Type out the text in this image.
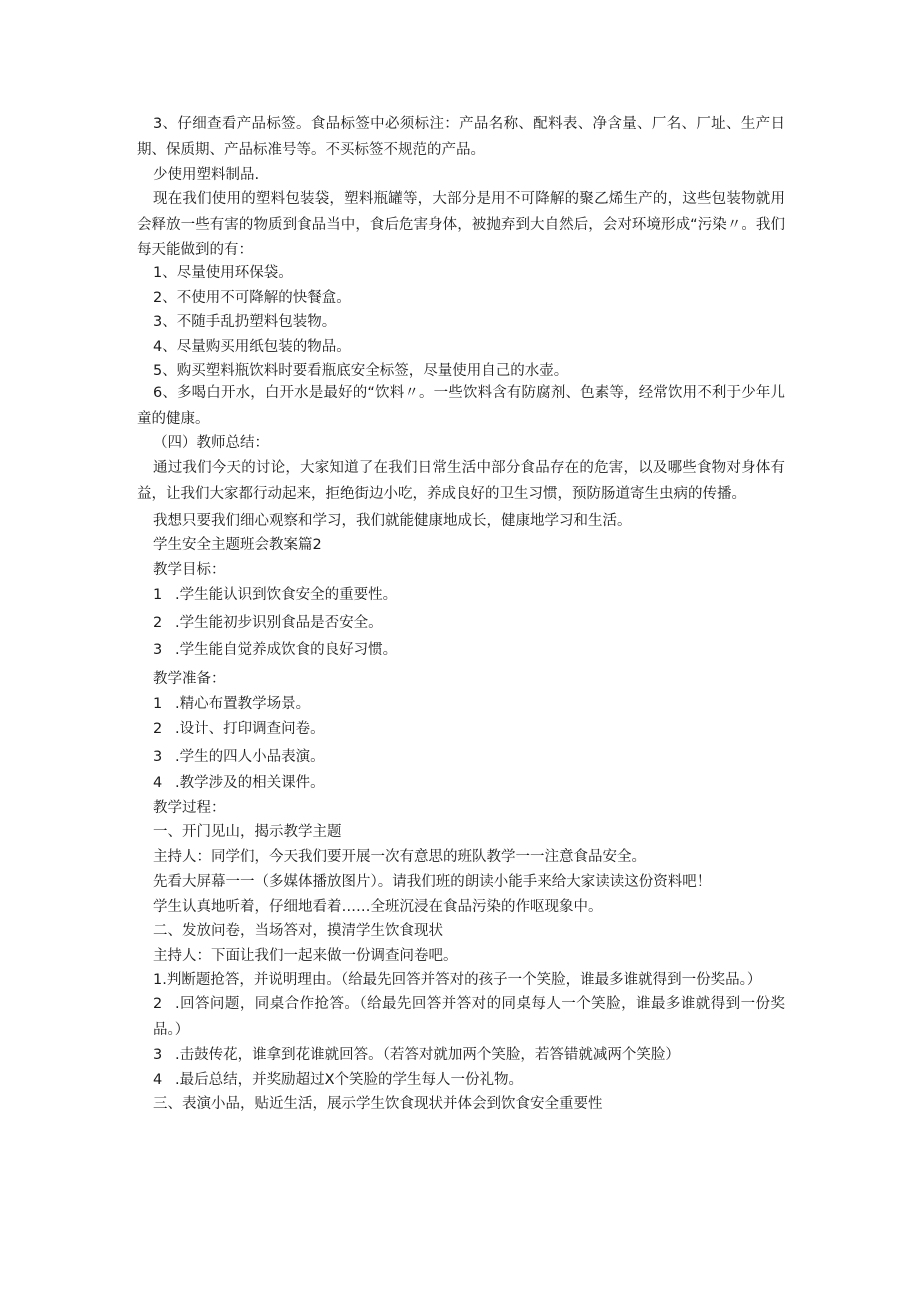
3、仔细查看产品标签。食品标签中必须标注：产品名称、配料表、净含量、厂名、厂址、生产日期、保质期、产品标准号等。不买标签不规范的产品。

少使用塑料制品.

现在我们使用的塑料包装袋，塑料瓶罐等，大部分是用不可降解的聚乙烯生产的，这些包装物就用会释放一些有害的物质到食品当中，食后危害身体，被抛弃到大自然后，会对环境形成“污染〃。我们每天能做到的有：

1、尽量使用环保袋。

2、不使用不可降解的快餐盒。

3、不随手乱扔塑料包装物。

4、尽量购买用纸包装的物品。

5、购买塑料瓶饮料时要看瓶底安全标签，尽量使用自己的水壶。

6、多喝白开水，白开水是最好的“饮料〃。一些饮料含有防腐剂、色素等，经常饮用不利于少年儿童的健康。

（四）教师总结：

通过我们今天的讨论，大家知道了在我们日常生活中部分食品存在的危害，以及哪些食物对身体有益，让我们大家都行动起来，拒绝街边小吃，养成良好的卫生习惯，预防肠道寄生虫病的传播。

我想只要我们细心观察和学习，我们就能健康地成长，健康地学习和生活。

学生安全主题班会教案篇2

教学目标：

1 .学生能认识到饮食安全的重要性。

2 .学生能初步识别食品是否安全。

3 .学生能自觉养成饮食的良好习惯。

教学准备：

1 .精心布置教学场景。

2 .设计、打印调查问卷。

3 .学生的四人小品表演。

4 .教学涉及的相关课件。

教学过程：

一、开门见山，揭示教学主题

主持人：同学们，今天我们要开展一次有意思的班队教学一一注意食品安全。

先看大屏幕一一（多媒体播放图片）。请我们班的朗读小能手来给大家读读这份资料吧！

学生认真地听着，仔细地看着……全班沉浸在食品污染的作呕现象中。

二、发放问卷，当场答对，摸清学生饮食现状

主持人：下面让我们一起来做一份调查问卷吧。

1.判断题抢答，并说明理由。（给最先回答并答对的孩子一个笑脸，谁最多谁就得到一份奖品。）

2 .回答问题，同桌合作抢答。（给最先回答并答对的同桌每人一个笑脸，谁最多谁就得到一份奖品。）

3 .击鼓传花，谁拿到花谁就回答。（若答对就加两个笑脸，若答错就减两个笑脸）

4 .最后总结，并奖励超过X个笑脸的学生每人一份礼物。

三、表演小品，贴近生活，展示学生饮食现状并体会到饮食安全重要性
